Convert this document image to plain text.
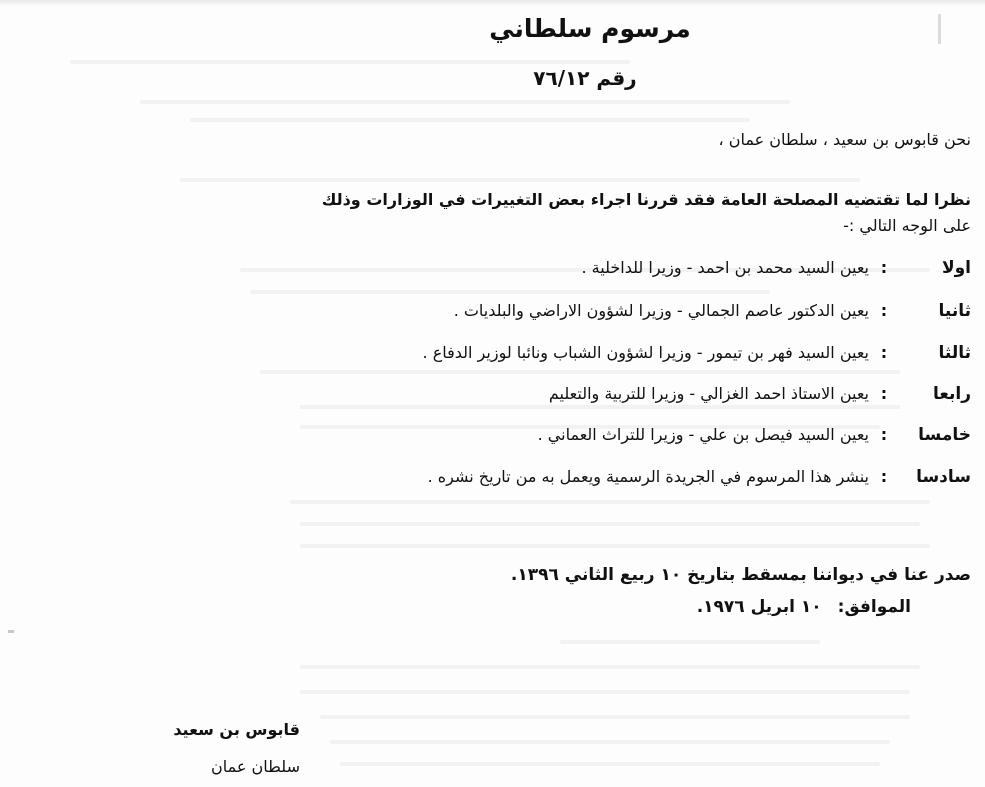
مرسوم سلطاني
رقم ٧٦/١٢
نحن قابوس بن سعيد ، سلطان عمان ،
نظرا لما تقتضيه المصلحة العامة فقد قررنا اجراء بعض التغييرات في الوزارات وذلك
على الوجه التالي :-
اولا:يعين السيد محمد بن احمد - وزيرا للداخلية .
ثانيا:يعين الدكتور عاصم الجمالي - وزيرا لشؤون الاراضي والبلديات .
ثالثا:يعين السيد فهر بن تيمور - وزيرا لشؤون الشباب ونائبا لوزير الدفاع .
رابعا:يعين الاستاذ احمد الغزالي - وزيرا للتربية والتعليم
خامسا:يعين السيد فيصل بن علي - وزيرا للتراث العماني .
سادسا:ينشر هذا المرسوم في الجريدة الرسمية ويعمل به من تاريخ نشره .
صدر عنا في ديواننا بمسقط بتاريخ ١٠ ربيع الثاني ١٣٩٦.
الموافق:١٠ ابريل ١٩٧٦.
قابوس بن سعيد
سلطان عمان
